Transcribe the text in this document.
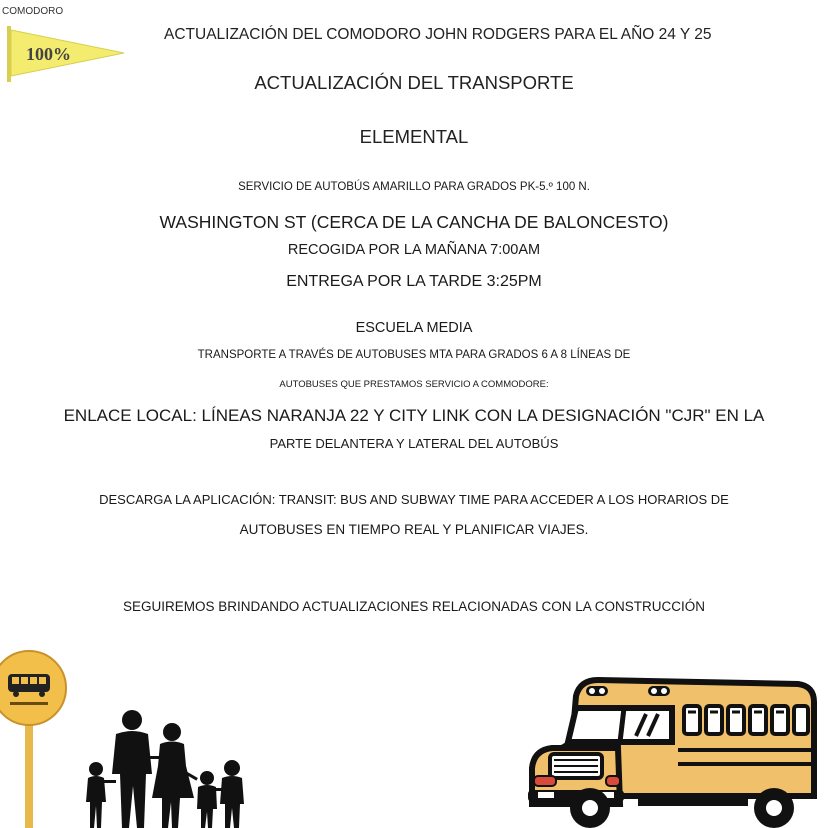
COMODORO
100%

ACTUALIZACIÓN DEL COMODORO JOHN RODGERS PARA EL AÑO 24 Y 25

ACTUALIZACIÓN DEL TRANSPORTE

ELEMENTAL

SERVICIO DE AUTOBÚS AMARILLO PARA GRADOS PK-5.º 100 N.

WASHINGTON ST (CERCA DE LA CANCHA DE BALONCESTO)

RECOGIDA POR LA MAÑANA 7:00AM

ENTREGA POR LA TARDE 3:25PM

ESCUELA MEDIA

TRANSPORTE A TRAVÉS DE AUTOBUSES MTA PARA GRADOS 6 A 8 LÍNEAS DE

AUTOBUSES QUE PRESTAMOS SERVICIO A COMMODORE:

ENLACE LOCAL: LÍNEAS NARANJA 22 Y CITY LINK CON LA DESIGNACIÓN "CJR" EN LA

PARTE DELANTERA Y LATERAL DEL AUTOBÚS

DESCARGA LA APLICACIÓN: TRANSIT: BUS AND SUBWAY TIME PARA ACCEDER A LOS HORARIOS DE

AUTOBUSES EN TIEMPO REAL Y PLANIFICAR VIAJES.

SEGUIREMOS BRINDANDO ACTUALIZACIONES RELACIONADAS CON LA CONSTRUCCIÓN
